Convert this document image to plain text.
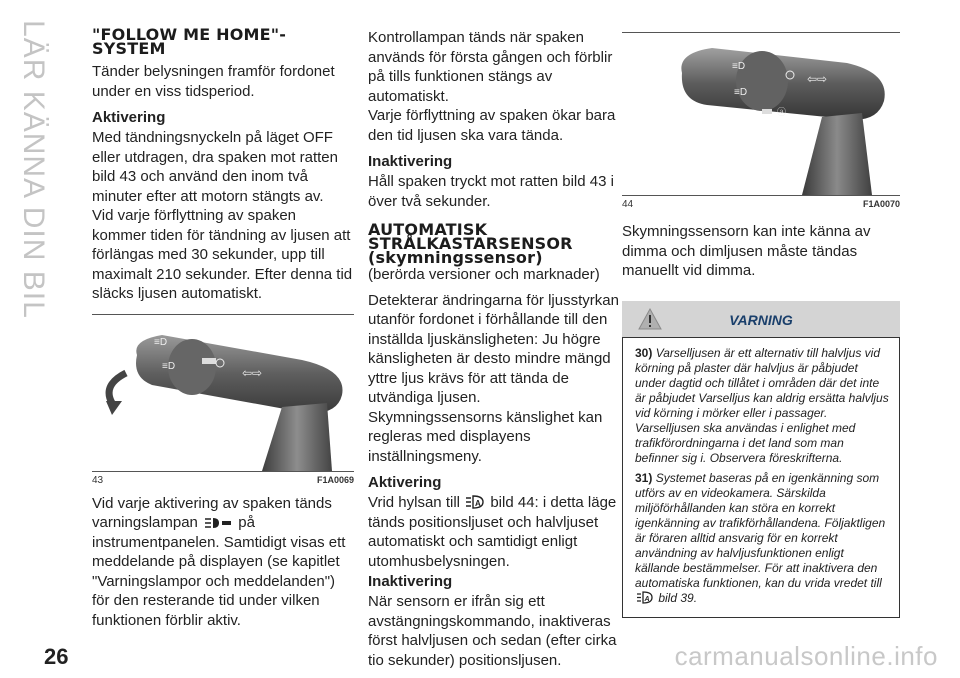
LÄR KÄNNA DIN BIL	"FOLLOW ME HOME"-SYSTEM

Tänder belysningen framför fordonet under en viss tidsperiod.

Aktivering

Med tändningsnyckeln på läget OFF eller utdragen, dra spaken mot ratten bild 43 och använd den inom två minuter efter att motorn stängts av.

Vid varje förflyttning av spaken kommer tiden för tändning av ljusen att förlängas med 30 sekunder, upp till maximalt 210 sekunder. Efter denna tid släcks ljusen automatiskt.

≡D
≡D	⇦⇨
43	F1A0069

Vid varje aktivering av spaken tänds varningslampan	på instrumentpanelen. Samtidigt visas ett meddelande på displayen (se kapitlet "Varningslampor och meddelanden") för den resterande tid under vilken funktionen förblir aktiv.

Kontrollampan tänds när spaken används för första gången och förblir på tills funktionen stängs av automatiskt.

Varje förflyttning av spaken ökar bara den tid ljusen ska vara tända.

Inaktivering

Håll spaken tryckt mot ratten bild 43 i över två sekunder.

AUTOMATISK STRÅLKASTARSENSOR (skymningssensor)

(berörda versioner och marknader)

Detekterar ändringarna för ljusstyrkan utanför fordonet i förhållande till den inställda ljuskänsligheten: Ju högre känsligheten är desto mindre mängd yttre ljus krävs för att tända de utvändiga ljusen.

Skymningssensorns känslighet kan regleras med displayens inställningsmeny.

Aktivering

Vrid hylsan till A bild 44: i detta läge tänds positionsljuset och halvljuset automatiskt och samtidigt enligt utomhusbelysningen.

Inaktivering

När sensorn er ifrån sig ett avstängningskommando, inaktiveras först halvljusen och sedan (efter cirka tio sekunder) positionsljusen.

≡D
≡D
⇦⇨
ⓐ
44	F1A0070

Skymningssensorn kan inte känna av dimma och dimljusen måste tändas manuellt vid dimma.

VARNING

30) Varselljusen är ett alternativ till halvljus vid körning på plaster där halvljus är påbjudet under dagtid och tillåtet i områden där det inte är påbjudet Varselljus kan aldrig ersätta halvljus vid körning i mörker eller i passager. Varselljusen ska användas i enlighet med trafikförordningarna i det land som man befinner sig i. Observera föreskrifterna.

31) Systemet baseras på en igenkänning som utförs av en videokamera. Särskilda miljöförhållanden kan störa en korrekt igenkänning av trafikförhållandena. Följaktligen är föraren alltid ansvarig för en korrekt användning av halvljusfunktionen enligt källande bestämmelser. För att inaktivera den automatiska funktionen, kan du vrida vredet till
A bild 39.

26	carmanualsonline.info
